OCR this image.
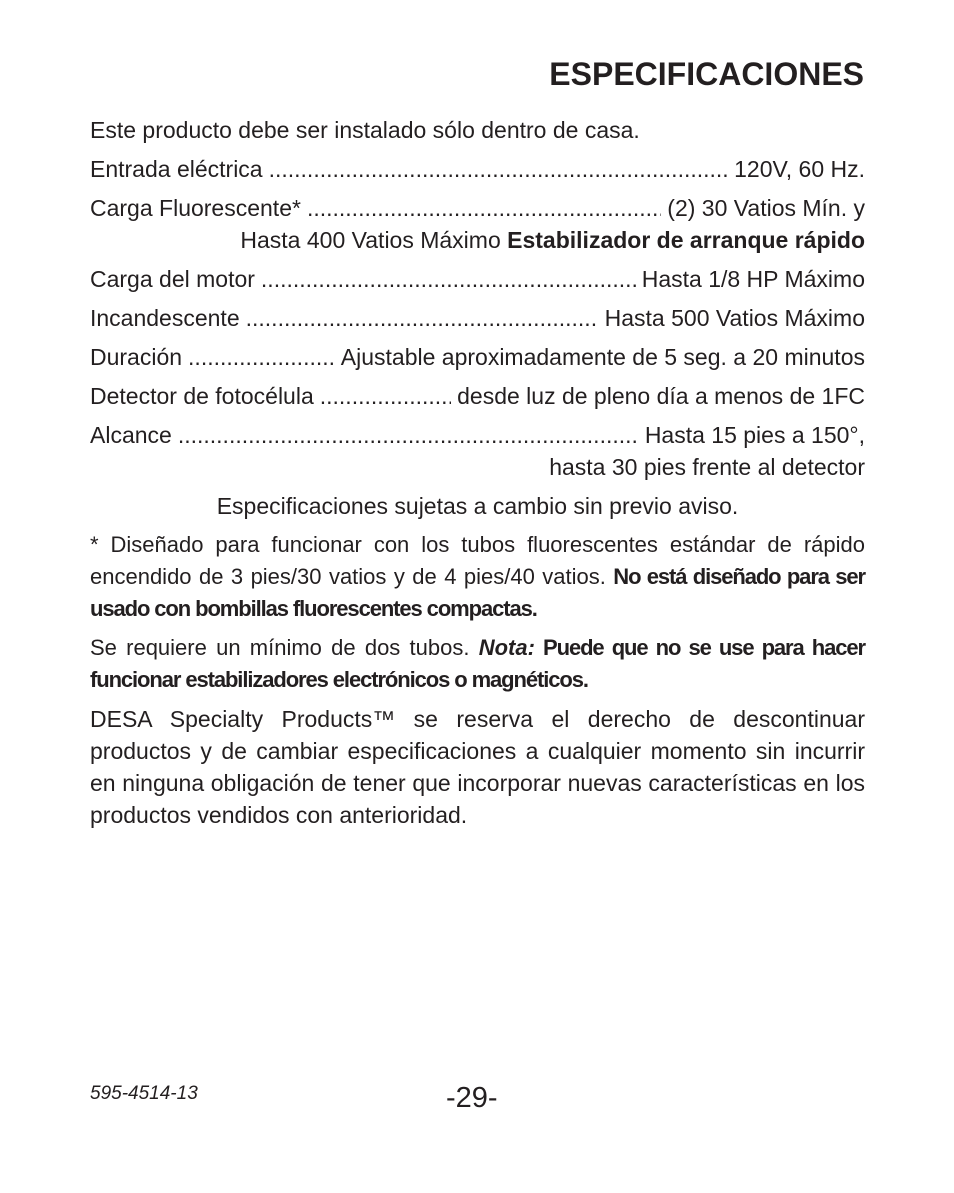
ESPECIFICACIONES
Este producto debe ser instalado sólo dentro de casa.
Entrada eléctrica .....	120V, 60 Hz.
Carga Fluorescente* .....	(2) 30 Vatios Mín. y
Hasta 400 Vatios Máximo Estabilizador de arranque rápido
Carga del motor .....	Hasta 1/8 HP Máximo
Incandescente .....	Hasta 500 Vatios Máximo
Duración .....	Ajustable aproximadamente de 5 seg. a 20 minutos
Detector de fotocélula .....	desde luz de pleno día a menos de 1FC
Alcance .....	Hasta 15 pies a 150°,
hasta 30 pies frente al detector
Especificaciones sujetas a cambio sin previo aviso.

* Diseñado para funcionar con los tubos fluorescentes estándar de rápido encendido de 3 pies/30 vatios y de 4 pies/40 vatios. No está diseñado para ser usado con bombillas fluorescentes compactas.

Se requiere un mínimo de dos tubos. Nota: Puede que no se use para hacer funcionar estabilizadores electrónicos o magnéticos.

DESA Specialty Products™ se reserva el derecho de descontinuar productos y de cambiar especificaciones a cualquier momento sin incurrir en ninguna obligación de tener que incorporar nuevas características en los productos vendidos con anterioridad.

595-4514-13	-29-
